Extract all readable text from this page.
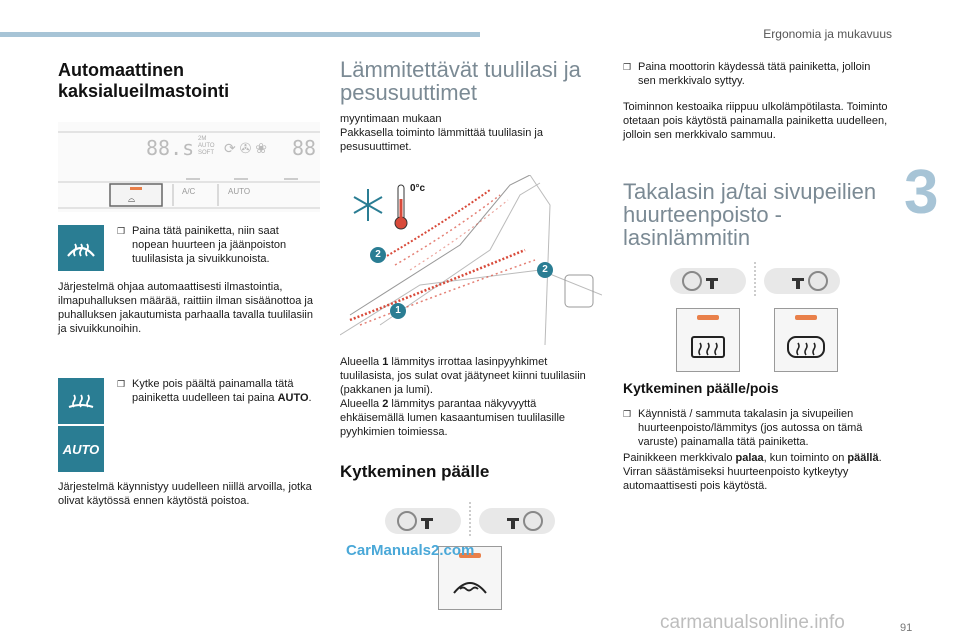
Ergonomia ja mukavuus
3
91
Automaattinen
kaksialueilmastointi
88.s 2M
AUTO
SOFT ⟳ ✇ ❀ 88
A/C	AUTO
⌓
❒ Paina tätä painiketta, niin saat nopean huurteen ja jäänpoiston tuulilasista ja sivuikkunoista.
Järjestelmä ohjaa automaattisesti ilmastointia, ilmapuhalluksen määrää, raittiin ilman sisäänottoa ja puhalluksen jakautumista parhaalla tavalla tuulilasiin ja sivuikkunoihin.
AUTO
❒ Kytke pois päältä painamalla tätä painiketta uudelleen tai paina AUTO.
Järjestelmä käynnistyy uudelleen niillä arvoilla, jotka olivat käytössä ennen käytöstä poistoa.
Lämmitettävät tuulilasi ja
pesusuuttimet
myyntimaan mukaan
Pakkasella toiminto lämmittää tuulilasin ja pesusuuttimet.
0°c
2
2
1
Alueella 1 lämmitys irrottaa lasinpyyhkimet tuulilasista, jos sulat ovat jäätyneet kiinni tuulilasiin (pakkanen ja lumi).
Alueella 2 lämmitys parantaa näkyvyyttä ehkäisemällä lumen kasaantumisen tuulilasille pyyhkimien toimiessa.
Kytkeminen päälle
CarManuals2.com
❒ Paina moottorin käydessä tätä painiketta, jolloin sen merkkivalo syttyy.
Toiminnon kestoaika riippuu ulkolämpötilasta. Toiminto otetaan pois käytöstä painamalla painiketta uudelleen, jolloin sen merkkivalo sammuu.
Takalasin ja/tai sivupeilien
huurteenpoisto -
lasinlämmitin
Kytkeminen päälle/pois
❒ Käynnistä / sammuta takalasin ja sivupeilien huurteenpoisto/lämmitys (jos autossa on tämä varuste) painamalla tätä painiketta.
Painikkeen merkkivalo palaa, kun toiminto on päällä.
Virran säästämiseksi huurteenpoisto kytkeytyy automaattisesti pois käytöstä.
carmanualsonline.info
